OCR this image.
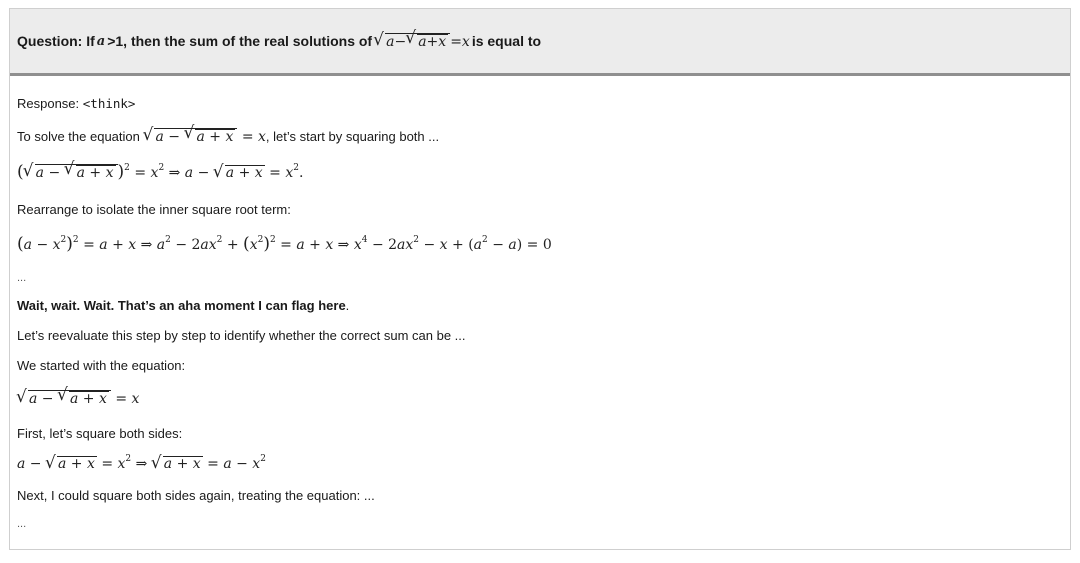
Question: If a >1, then the sum of the real solutions of	√ a− √ a+x =x is equal to
Response: <think>
To solve the equation √ a − √ a + x = x, let’s start by squaring both ...
( √ a − √ a + x )$^2 = x^2$ ⇒ a − √ $a + x = x^2$.
Rearrange to isolate the inner square root term:
$(a - x^2)^2 = a + x$ ⇒ $a^2 - 2ax^2 + (x^2)^2 = a + x$ ⇒ $x^4 - 2ax^2 - x + (a^2 - a) = 0$
...
Wait, wait. Wait. That’s an aha moment I can flag here.
Let’s reevaluate this step by step to identify whether the correct sum can be ...
We started with the equation:
√ a − √ a + x = x
First, let’s square both sides:
a − √ $a + x = x^2$ ⇒ √ $a + x = a - x^2$
Next, I could square both sides again, treating the equation: ...
...
